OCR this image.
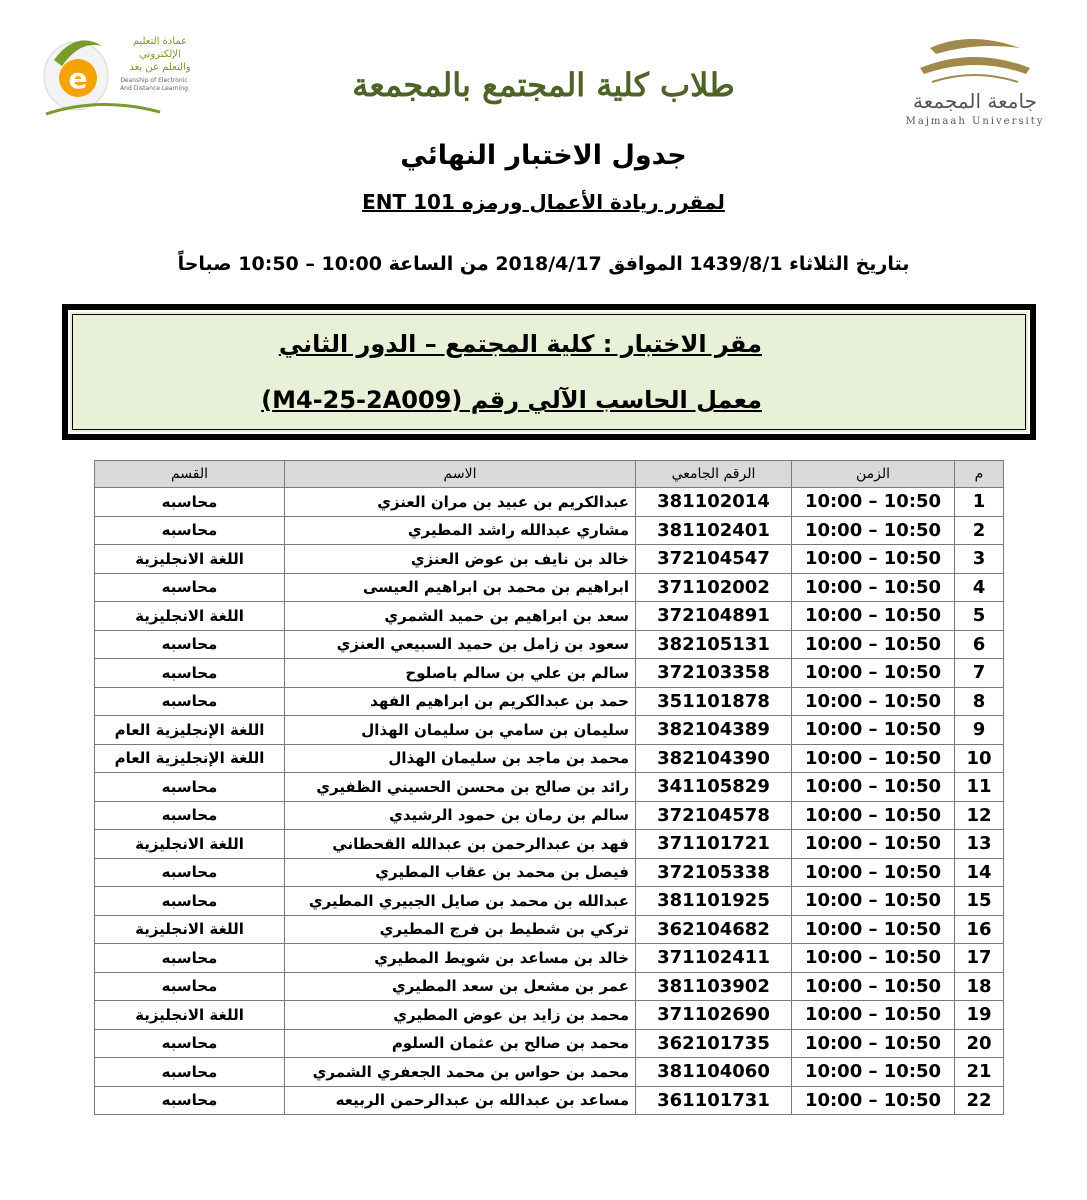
e
عمادة التعليم
الإلكتروني
والتعلم عن بعد
Deanship of Electronic
And Distance Learning
جامعة المجمعة
Majmaah University
طلاب كلية المجتمع بالمجمعة
جدول الاختبار النهائي
لمقرر ريادة الأعمال ورمزه ENT 101
بتاريخ الثلاثاء 1439/8/1 الموافق 2018/4/17 من الساعة 10:00 – 10:50 صباحاً
مقر الاختبار : كلية المجتمع – الدور الثاني
معمل الحاسب الآلي رقم (M4-25-2A009)
القسم	الاسم	الرقم الجامعي	الزمن	م
محاسبه	عبدالكريم بن عبيد بن مران العنزي	381102014	10:00 – 10:50	1
محاسبه	مشاري عبدالله راشد المطيري	381102401	10:00 – 10:50	2
اللغة الانجليزية	خالد بن نايف بن عوض العنزي	372104547	10:00 – 10:50	3
محاسبه	ابراهيم بن محمد بن ابراهيم العيسى	371102002	10:00 – 10:50	4
اللغة الانجليزية	سعد بن ابراهيم بن حميد الشمري	372104891	10:00 – 10:50	5
محاسبه	سعود بن زامل بن حميد السبيعي العنزي	382105131	10:00 – 10:50	6
محاسبه	سالم بن علي بن سالم باصلوح	372103358	10:00 – 10:50	7
محاسبه	حمد بن عبدالكريم بن ابراهيم الفهد	351101878	10:00 – 10:50	8
اللغة الإنجليزية العام	سليمان بن سامي بن سليمان الهذال	382104389	10:00 – 10:50	9
اللغة الإنجليزية العام	محمد بن ماجد بن سليمان الهذال	382104390	10:00 – 10:50	10
محاسبه	رائد بن صالح بن محسن الحسيني الظفيري	341105829	10:00 – 10:50	11
محاسبه	سالم بن رمان بن حمود الرشيدي	372104578	10:00 – 10:50	12
اللغة الانجليزية	فهد بن عبدالرحمن بن عبدالله القحطاني	371101721	10:00 – 10:50	13
محاسبه	فيصل بن محمد بن عقاب المطيري	372105338	10:00 – 10:50	14
محاسبه	عبدالله بن محمد بن صايل الجبيري المطيري	381101925	10:00 – 10:50	15
اللغة الانجليزية	تركي بن شطيط بن فرج المطيري	362104682	10:00 – 10:50	16
محاسبه	خالد بن مساعد بن شويط المطيري	371102411	10:00 – 10:50	17
محاسبه	عمر بن مشعل بن سعد المطيري	381103902	10:00 – 10:50	18
اللغة الانجليزية	محمد بن زايد بن عوض المطيري	371102690	10:00 – 10:50	19
محاسبه	محمد بن صالح بن عثمان السلوم	362101735	10:00 – 10:50	20
محاسبه	محمد بن حواس بن محمد الجعفري الشمري	381104060	10:00 – 10:50	21
محاسبه	مساعد بن عبدالله بن عبدالرحمن الربيعه	361101731	10:00 – 10:50	22
